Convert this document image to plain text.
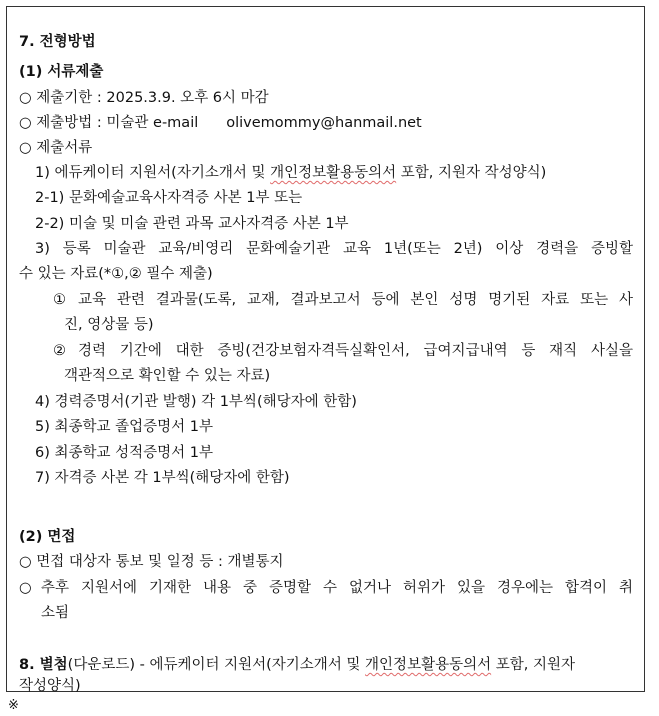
7. 전형방법
(1) 서류제출
○ 제출기한 : 2025.3.9. 오후 6시 마감
○ 제출방법 : 미술관 e-mail olivemommy@hanmail.net
○ 제출서류
1) 에듀케이터 지원서(자기소개서 및 개인정보활용동의서 포함, 지원자 작성양식)
2-1) 문화예술교육사자격증 사본 1부 또는
2-2) 미술 및 미술 관련 과목 교사자격증 사본 1부
3) 등록 미술관 교육/비영리 문화예술기관 교육 1년(또는 2년) 이상 경력을 증빙할
수 있는 자료(*①,② 필수 제출)
① 교육 관련 결과물(도록, 교재, 결과보고서 등에 본인 성명 명기된 자료 또는 사
진, 영상물 등)
② 경력 기간에 대한 증빙(건강보험자격득실확인서, 급여지급내역 등 재직 사실을
객관적으로 확인할 수 있는 자료)
4) 경력증명서(기관 발행) 각 1부씩(해당자에 한함)
5) 최종학교 졸업증명서 1부
6) 최종학교 성적증명서 1부
7) 자격증 사본 각 1부씩(해당자에 한함)
(2) 면접
○ 면접 대상자 통보 및 일정 등 : 개별통지
○ 추후 지원서에 기재한 내용 중 증명할 수 없거나 허위가 있을 경우에는 합격이 취
소됨
8. 별첨(다운로드) - 에듀케이터 지원서(자기소개서 및 개인정보활용동의서 포함, 지원자
작성양식)
※
